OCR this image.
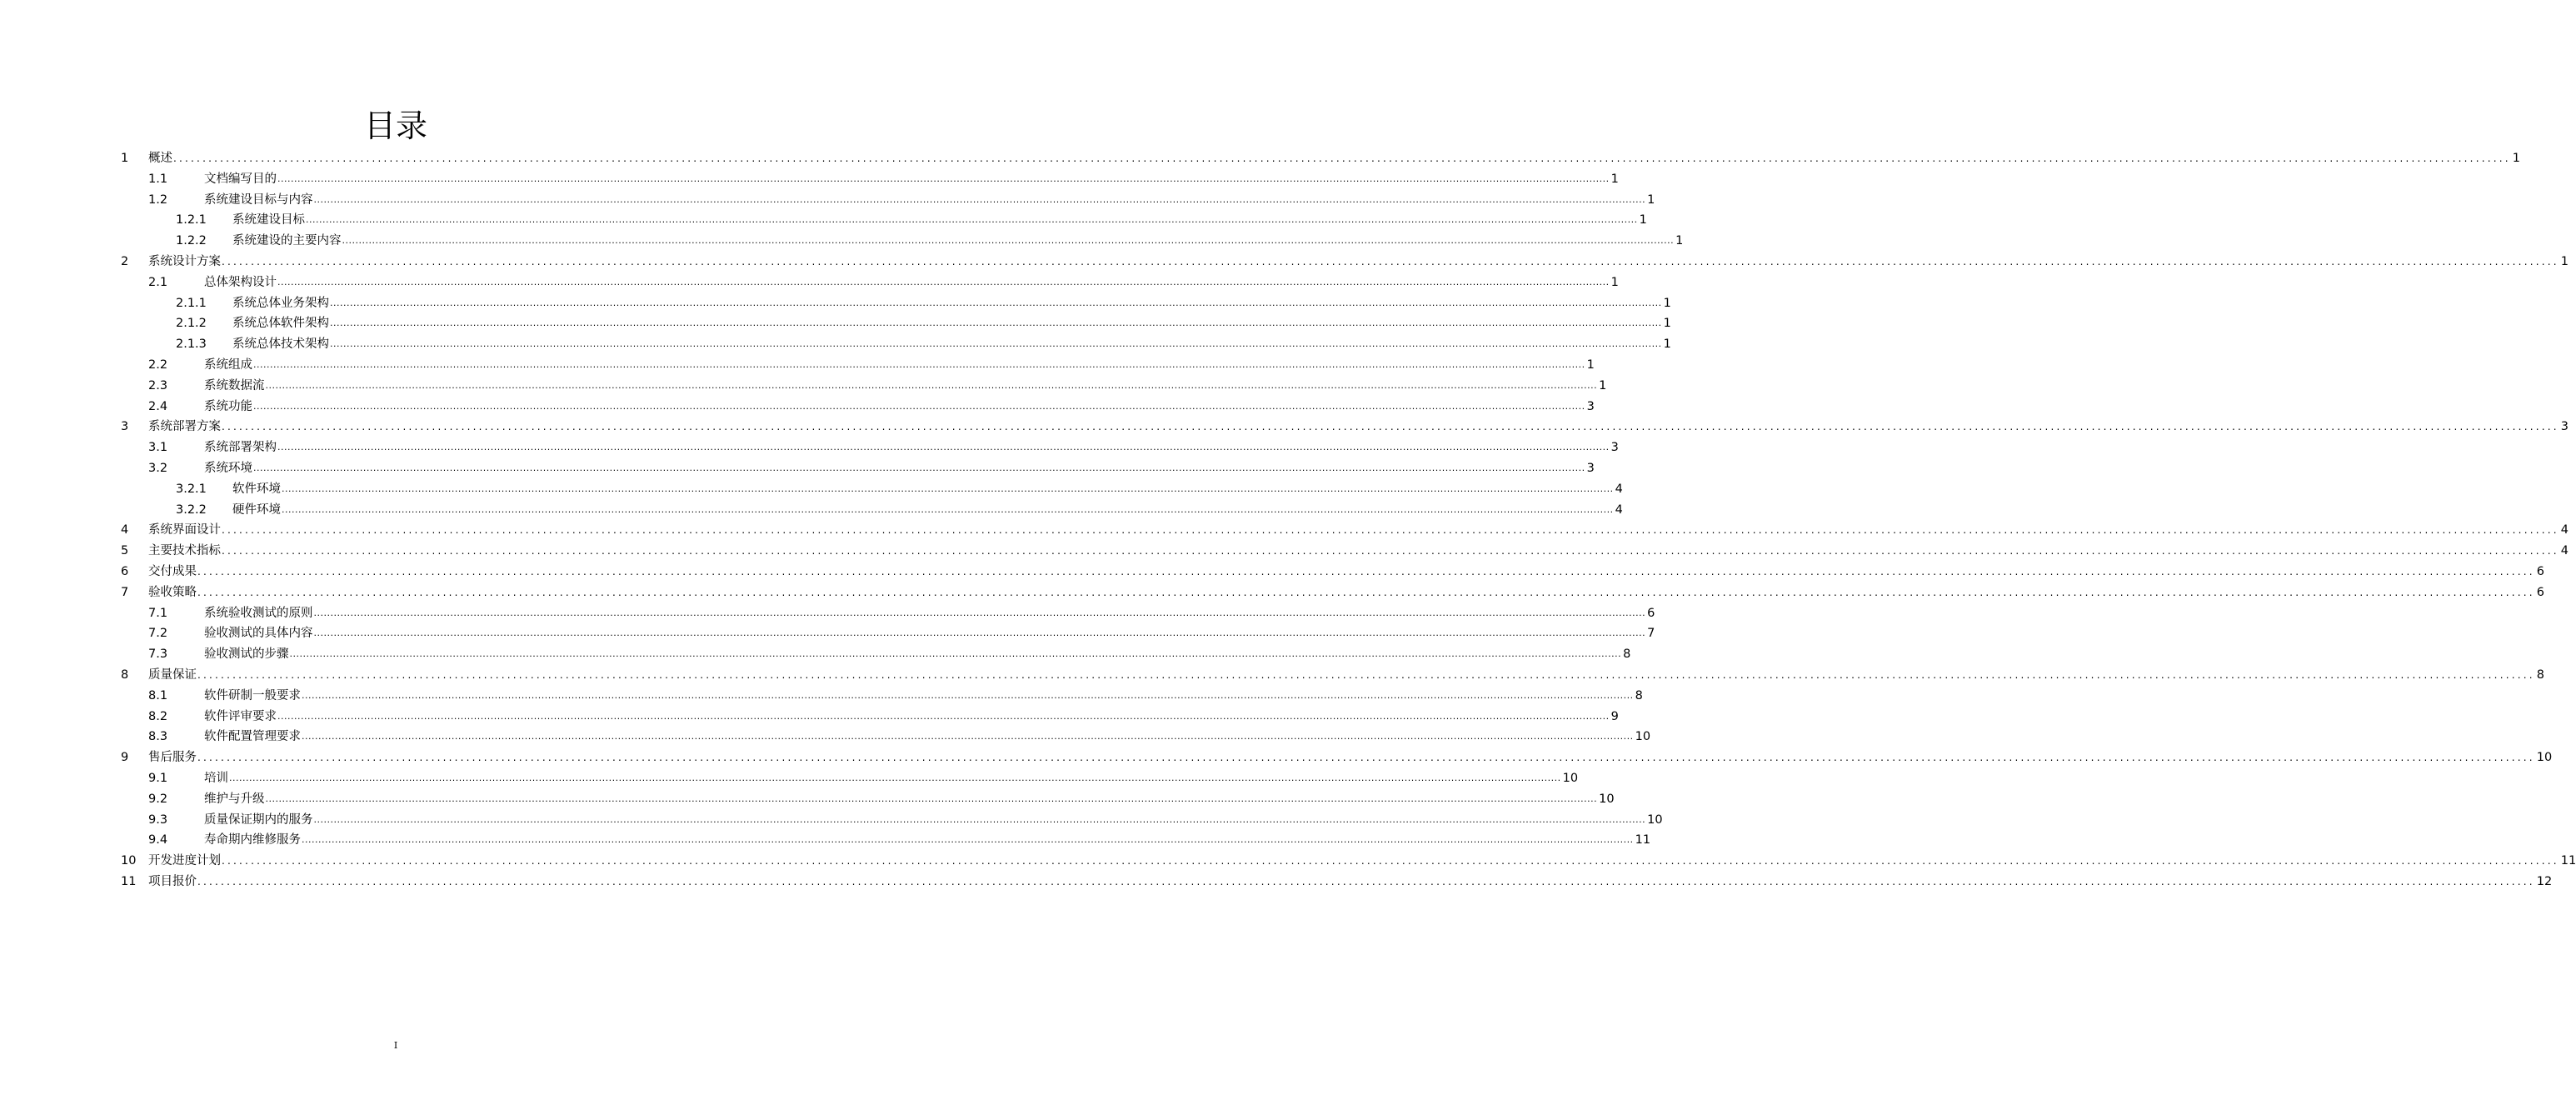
目录
1 概述 ................................................................................................................................................................................................................................................................................................................................................................................................................ 1
1.1	文档编写目的 ................................................................................................................................................................................................................................................................................................................................................................................................................ 1
1.2	系统建设目标与内容 ................................................................................................................................................................................................................................................................................................................................................................................................................ 1
1.2.1 系统建设目标 ................................................................................................................................................................................................................................................................................................................................................................................................................ 1
1.2.2 系统建设的主要内容 ................................................................................................................................................................................................................................................................................................................................................................................................................ 1
2 系统设计方案 ................................................................................................................................................................................................................................................................................................................................................................................................................ 1
2.1	总体架构设计 ................................................................................................................................................................................................................................................................................................................................................................................................................ 1
2.1.1 系统总体业务架构 ................................................................................................................................................................................................................................................................................................................................................................................................................ 1
2.1.2 系统总体软件架构 ................................................................................................................................................................................................................................................................................................................................................................................................................ 1
2.1.3 系统总体技术架构 ................................................................................................................................................................................................................................................................................................................................................................................................................ 1
2.2	系统组成 ................................................................................................................................................................................................................................................................................................................................................................................................................ 1
2.3	系统数据流 ................................................................................................................................................................................................................................................................................................................................................................................................................ 1
2.4	系统功能 ................................................................................................................................................................................................................................................................................................................................................................................................................ 3
3 系统部署方案 ................................................................................................................................................................................................................................................................................................................................................................................................................ 3
3.1	系统部署架构 ................................................................................................................................................................................................................................................................................................................................................................................................................ 3
3.2	系统环境 ................................................................................................................................................................................................................................................................................................................................................................................................................ 3
3.2.1 软件环境 ................................................................................................................................................................................................................................................................................................................................................................................................................ 4
3.2.2 硬件环境 ................................................................................................................................................................................................................................................................................................................................................................................................................ 4
4 系统界面设计 ................................................................................................................................................................................................................................................................................................................................................................................................................ 4
5 主要技术指标 ................................................................................................................................................................................................................................................................................................................................................................................................................ 4
6 交付成果 ................................................................................................................................................................................................................................................................................................................................................................................................................ 6
7 验收策略 ................................................................................................................................................................................................................................................................................................................................................................................................................ 6
7.1	系统验收测试的原则 ................................................................................................................................................................................................................................................................................................................................................................................................................ 6
7.2	验收测试的具体内容 ................................................................................................................................................................................................................................................................................................................................................................................................................ 7
7.3	验收测试的步骤 ................................................................................................................................................................................................................................................................................................................................................................................................................ 8
8 质量保证 ................................................................................................................................................................................................................................................................................................................................................................................................................ 8
8.1	软件研制一般要求 ................................................................................................................................................................................................................................................................................................................................................................................................................ 8
8.2	软件评审要求 ................................................................................................................................................................................................................................................................................................................................................................................................................ 9
8.3	软件配置管理要求 ................................................................................................................................................................................................................................................................................................................................................................................................................ 10
9 售后服务 ................................................................................................................................................................................................................................................................................................................................................................................................................ 10
9.1	培训 ................................................................................................................................................................................................................................................................................................................................................................................................................ 10
9.2	维护与升级 ................................................................................................................................................................................................................................................................................................................................................................................................................ 10
9.3	质量保证期内的服务 ................................................................................................................................................................................................................................................................................................................................................................................................................ 10
9.4	寿命期内维修服务 ................................................................................................................................................................................................................................................................................................................................................................................................................ 11
10 开发进度计划 ................................................................................................................................................................................................................................................................................................................................................................................................................ 11
11 项目报价 ................................................................................................................................................................................................................................................................................................................................................................................................................ 12
I
